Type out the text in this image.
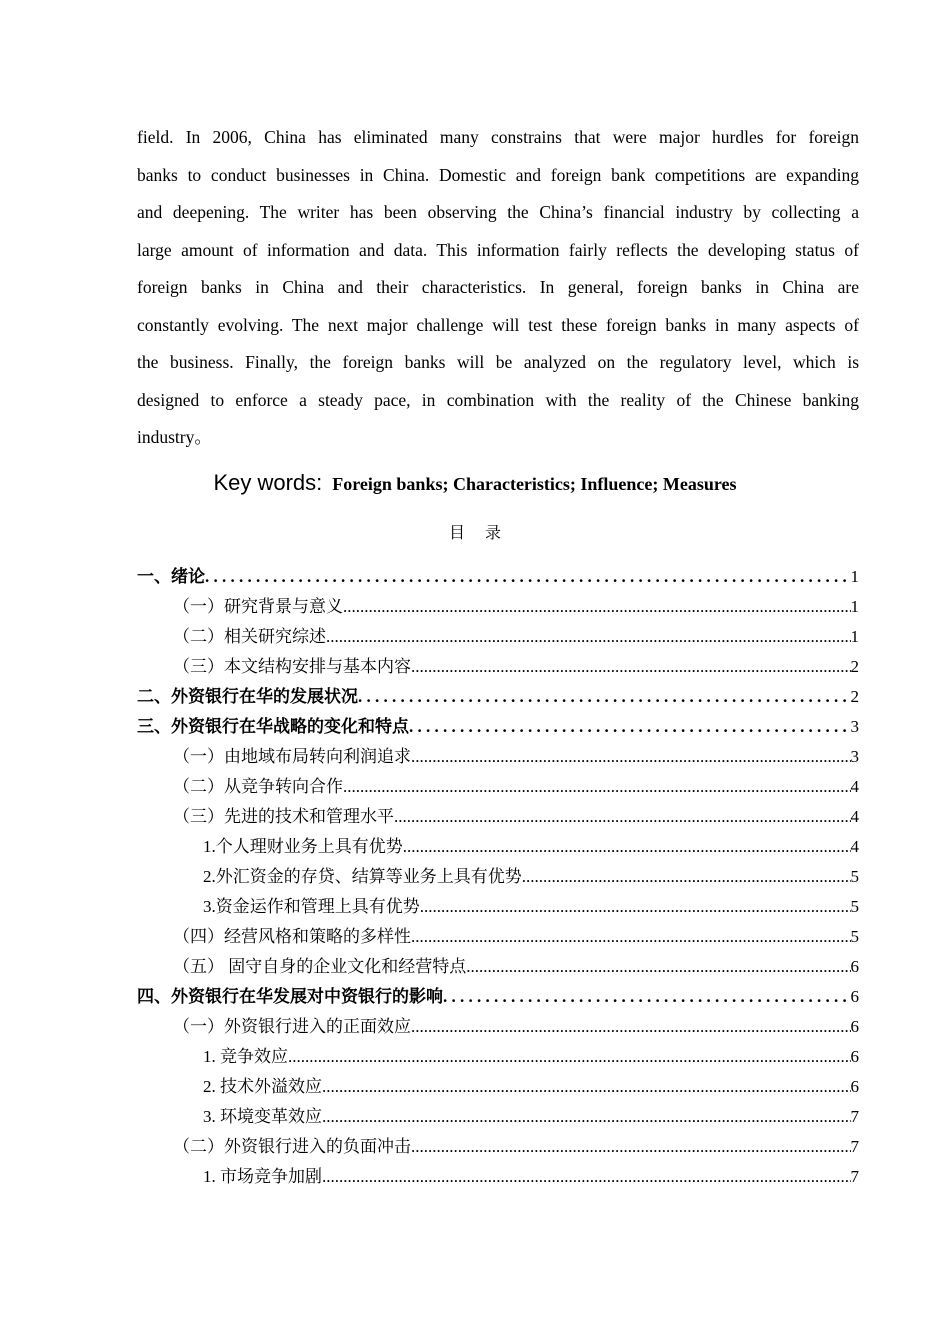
field. In 2006, China has eliminated many constrains that were major hurdles for foreign
banks to conduct businesses in China. Domestic and foreign bank competitions are expanding
and deepening. The writer has been observing the China’s financial industry by collecting a
large amount of information and data. This information fairly reflects the developing status of
foreign banks in China and their characteristics. In general, foreign banks in China are
constantly evolving. The next major challenge will test these foreign banks in many aspects of
the business. Finally, the foreign banks will be analyzed on the regulatory level, which is
designed to enforce a steady pace, in combination with the reality of the Chinese banking
industry。
Key words: Foreign banks; Characteristics; Influence; Measures
目录
一、绪论 . . .	1
（一）研究背景与意义 .....	1
（二）相关研究综述 .....	1
（三）本文结构安排与基本内容 .....	2
二、外资银行在华的发展状况 . . .	2
三、外资银行在华战略的变化和特点 . . .	3
（一）由地域布局转向利润追求 .....	3
（二）从竞争转向合作 .....	4
（三）先进的技术和管理水平 .....	4
1.个人理财业务上具有优势 .....	4
2.外汇资金的存贷、结算等业务上具有优势 .....	5
3.资金运作和管理上具有优势 .....	5
（四）经营风格和策略的多样性 .....	5
（五） 固守自身的企业文化和经营特点 .....	6
四、外资银行在华发展对中资银行的影响 . . .	6
（一）外资银行进入的正面效应 .....	6
1. 竞争效应 .....	6
2. 技术外溢效应 .....	6
3. 环境变革效应 .....	7
（二）外资银行进入的负面冲击 .....	7
1. 市场竞争加剧 .....	7
